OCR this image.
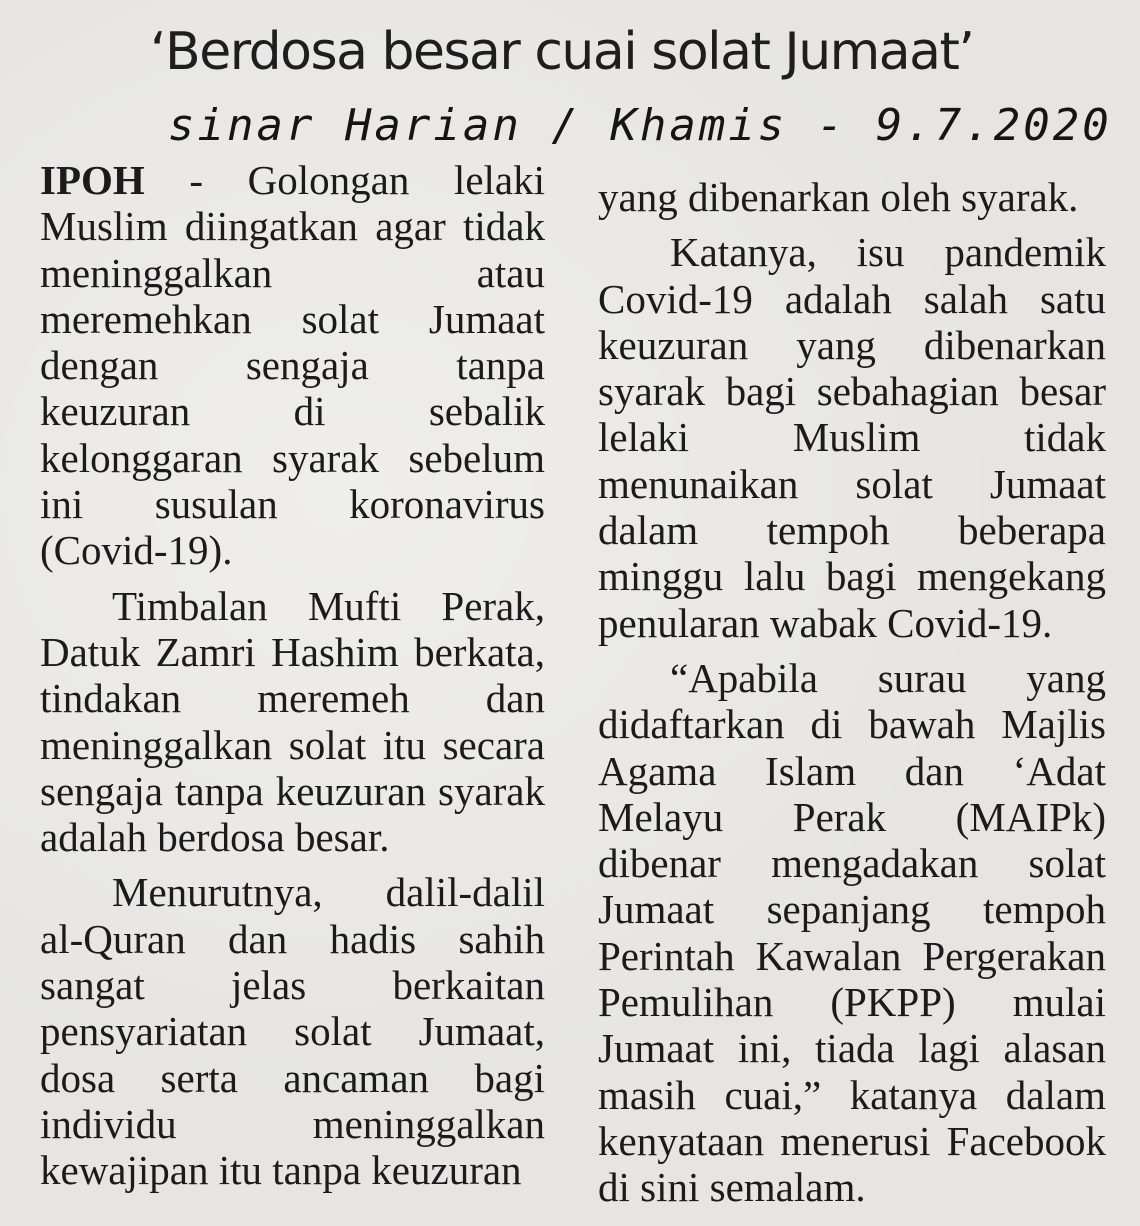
‘Berdosa besar cuai solat Jumaat’
sinar Harian / Khamis - 9.7.2020

IPOH - Golongan lelaki Muslim diingatkan agar tidak meninggalkan atau meremehkan solat Jumaat dengan sengaja tanpa keuzuran di sebalik kelonggaran syarak sebelum ini susulan koronavirus (Covid-19).

Timbalan Mufti Perak, Datuk Zamri Hashim berkata, tindakan meremeh dan meninggalkan solat itu secara sengaja tanpa keuzuran syarak adalah berdosa besar.

Menurutnya, dalil-dalil al-Quran dan hadis sahih sangat jelas berkaitan pensyariatan solat Jumaat, dosa serta ancaman bagi individu meninggalkan kewajipan itu tanpa keuzuran

yang dibenarkan oleh syarak.

Katanya, isu pandemik Covid-19 adalah salah satu keuzuran yang dibenarkan syarak bagi sebahagian besar lelaki Muslim tidak menunaikan solat Jumaat dalam tempoh beberapa minggu lalu bagi mengekang penularan wabak Covid-19.

“Apabila surau yang didaftarkan di bawah Majlis Agama Islam dan ‘Adat Melayu Perak (MAIPk) dibenar mengadakan solat Jumaat sepanjang tempoh Perintah Kawalan Pergerakan Pemulihan (PKPP) mulai Jumaat ini, tiada lagi alasan masih cuai,” katanya dalam kenyataan menerusi Facebook di sini semalam.
